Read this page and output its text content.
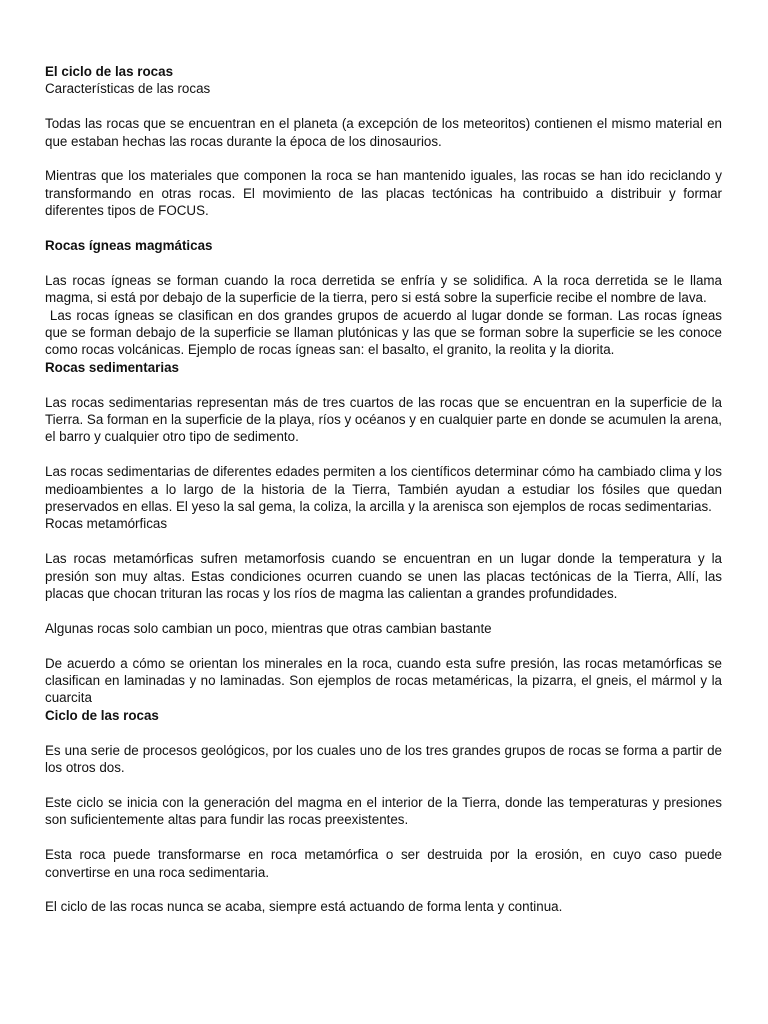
El ciclo de las rocas

Características de las rocas

Todas las rocas que se encuentran en el planeta (a excepción de los meteoritos) contienen el mismo material en que estaban hechas las rocas durante la época de los dinosaurios.

Mientras que los materiales que componen la roca se han mantenido iguales, las rocas se han ido reciclando y transformando en otras rocas. El movimiento de las placas tectónicas ha contribuido a distribuir y formar diferentes tipos de FOCUS.

Rocas ígneas magmáticas

Las rocas ígneas se forman cuando la roca derretida se enfría y se solidifica. A la roca derretida se le llama magma, si está por debajo de la superficie de la tierra, pero si está sobre la superficie recibe el nombre de lava.

Las rocas ígneas se clasifican en dos grandes grupos de acuerdo al lugar donde se forman. Las rocas ígneas que se forman debajo de la superficie se llaman plutónicas y las que se forman sobre la superficie se les conoce como rocas volcánicas. Ejemplo de rocas ígneas san: el basalto, el granito, la reolita y la diorita.

Rocas sedimentarias

Las rocas sedimentarias representan más de tres cuartos de las rocas que se encuentran en la superficie de la Tierra. Sa forman en la superficie de la playa, ríos y océanos y en cualquier parte en donde se acumulen la arena, el barro y cualquier otro tipo de sedimento.

Las rocas sedimentarias de diferentes edades permiten a los científicos determinar cómo ha cambiado clima y los medioambientes a lo largo de la historia de la Tierra, También ayudan a estudiar los fósiles que quedan preservados en ellas. El yeso la sal gema, la coliza, la arcilla y la arenisca son ejemplos de rocas sedimentarias.

Rocas metamórficas

Las rocas metamórficas sufren metamorfosis cuando se encuentran en un lugar donde la temperatura y la presión son muy altas. Estas condiciones ocurren cuando se unen las placas tectónicas de la Tierra, Allí, las placas que chocan trituran las rocas y los ríos de magma las calientan a grandes profundidades.

Algunas rocas solo cambian un poco, mientras que otras cambian bastante

De acuerdo a cómo se orientan los minerales en la roca, cuando esta sufre presión, las rocas metamórficas se clasifican en laminadas y no laminadas. Son ejemplos de rocas metaméricas, la pizarra, el gneis, el mármol y la cuarcita

Ciclo de las rocas

Es una serie de procesos geológicos, por los cuales uno de los tres grandes grupos de rocas se forma a partir de los otros dos.

Este ciclo se inicia con la generación del magma en el interior de la Tierra, donde las temperaturas y presiones son suficientemente altas para fundir las rocas preexistentes.

Esta roca puede transformarse en roca metamórfica o ser destruida por la erosión, en cuyo caso puede convertirse en una roca sedimentaria.

El ciclo de las rocas nunca se acaba, siempre está actuando de forma lenta y continua.
